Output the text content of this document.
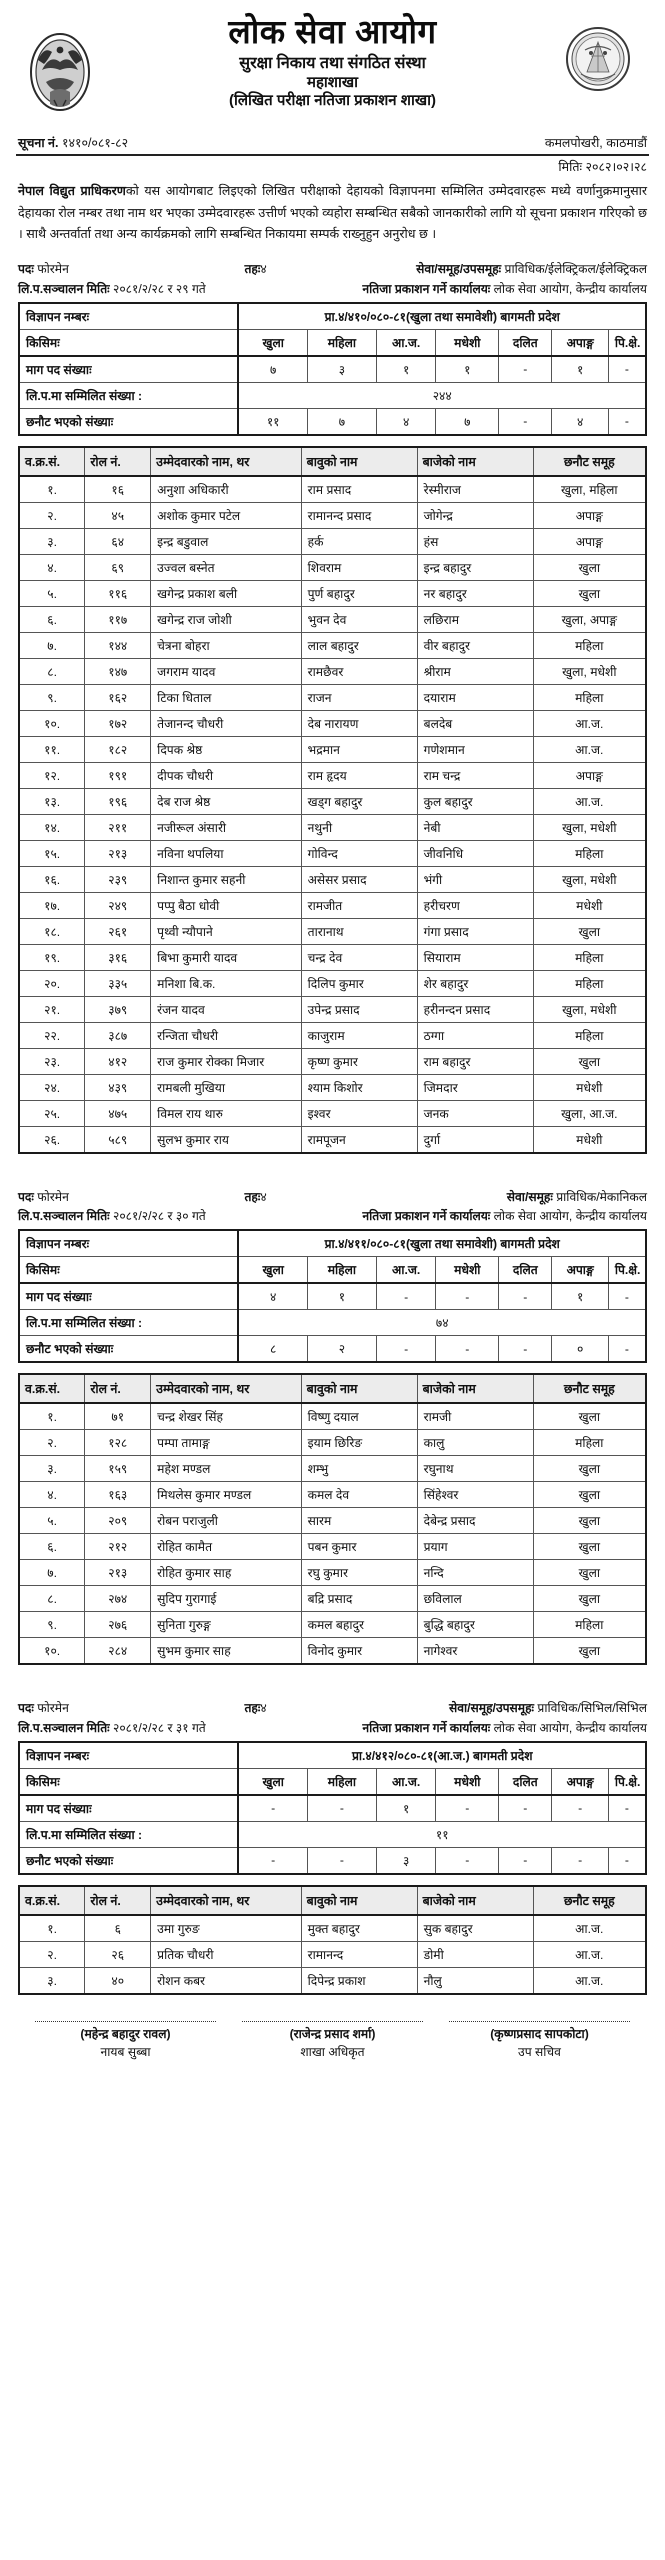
लोक सेवा आयोग
सुरक्षा निकाय तथा संगठित संस्था
महाशाखा
(लिखित परीक्षा नतिजा प्रकाशन शाखा)
सूचना नं. १४१०/०८१-८२	कमलपोखरी, काठमाडौं
मितिः २०८२।०२।२८
नेपाल विद्युत प्राधिकरणको यस आयोगबाट लिइएको लिखित परीक्षाको देहायको विज्ञापनमा सम्मिलित उम्मेदवारहरू मध्ये वर्णानुक्रमानुसार देहायका रोल नम्बर तथा नाम थर भएका उम्मेदवारहरू उत्तीर्ण भएको व्यहोरा सम्बन्धित सबैको जानकारीको लागि यो सूचना प्रकाशन गरिएको छ । साथै अन्तर्वार्ता तथा अन्य कार्यक्रमको लागि सम्बन्धित निकायमा सम्पर्क राख्नुहुन अनुरोध छ ।
पदः फोरमेन	तहः४	सेवा/समूह/उपसमूहः प्राविधिक/ईलेक्ट्रिकल/ईलेक्ट्रिकल
लि.प.सञ्चालन मितिः २०८१/२/२८ र २९ गते	नतिजा प्रकाशन गर्ने कार्यालयः लोक सेवा आयोग, केन्द्रीय कार्यालय
विज्ञापन नम्बरः	प्रा.४/४१०/०८०-८१(खुला तथा समावेशी) बागमती प्रदेश						
किसिमः	खुला	महिला	आ.ज.	मधेशी	दलित	अपाङ्ग	पि.क्षे.
माग पद संख्याः	७	३	१	१	-	१	-
लि.प.मा सम्मिलित संख्या :	२४४						
छनौट भएको संख्याः	११	७	४	७	-	४	-
व.क्र.सं.	रोल नं.	उम्मेदवारको नाम, थर	बावुको नाम	बाजेको नाम	छनौट समूह
१.	१६	अनुशा अधिकारी	राम प्रसाद	रेस्मीराज	खुला, महिला
२.	४५	अशोक कुमार पटेल	रामानन्द प्रसाद	जोगेन्द्र	अपाङ्ग
३.	६४	इन्द्र बडुवाल	हर्क	हंस	अपाङ्ग
४.	६९	उज्वल बस्नेत	शिवराम	इन्द्र बहादुर	खुला
५.	११६	खगेन्द्र प्रकाश बली	पुर्ण बहादुर	नर बहादुर	खुला
६.	११७	खगेन्द्र राज जोशी	भुवन देव	लछिराम	खुला, अपाङ्ग
७.	१४४	चेत्रना बोहरा	लाल बहादुर	वीर बहादुर	महिला
८.	१४७	जगराम यादव	रामछैवर	श्रीराम	खुला, मधेशी
९.	१६२	टिका धिताल	राजन	दयाराम	महिला
१०.	१७२	तेजानन्द चौधरी	देब नारायण	बलदेब	आ.ज.
११.	१८२	दिपक श्रेष्ठ	भद्रमान	गणेशमान	आ.ज.
१२.	१९१	दीपक चौधरी	राम हृदय	राम चन्द्र	अपाङ्ग
१३.	१९६	देब राज श्रेष्ठ	खड्ग बहादुर	कुल बहादुर	आ.ज.
१४.	२११	नजीरूल अंसारी	नथुनी	नेबी	खुला, मधेशी
१५.	२१३	नविना थपलिया	गोविन्द	जीवनिधि	महिला
१६.	२३९	निशान्त कुमार सहनी	असेसर प्रसाद	भंगी	खुला, मधेशी
१७.	२४९	पप्पु बैठा धोवी	रामजीत	हरीचरण	मधेशी
१८.	२६१	पृथ्वी न्यौपाने	तारानाथ	गंगा प्रसाद	खुला
१९.	३१६	बिभा कुमारी यादव	चन्द्र देव	सियाराम	महिला
२०.	३३५	मनिशा बि.क.	दिलिप कुमार	शेर बहादुर	महिला
२१.	३७९	रंजन यादव	उपेन्द्र प्रसाद	हरीनन्दन प्रसाद	खुला, मधेशी
२२.	३८७	रन्जिता चौधरी	काजुराम	ठग्गा	महिला
२३.	४१२	राज कुमार रोक्का मिजार	कृष्ण कुमार	राम बहादुर	खुला
२४.	४३९	रामबली मुखिया	श्याम किशोर	जिमदार	मधेशी
२५.	४७५	विमल राय थारु	इश्वर	जनक	खुला, आ.ज.
२६.	५८९	सुलभ कुमार राय	रामपूजन	दुर्गा	मधेशी
पदः फोरमेन	तहः४	सेवा/समूहः प्राविधिक/मेकानिकल
लि.प.सञ्चालन मितिः २०८१/२/२८ र ३० गते	नतिजा प्रकाशन गर्ने कार्यालयः लोक सेवा आयोग, केन्द्रीय कार्यालय
विज्ञापन नम्बरः	प्रा.४/४११/०८०-८१(खुला तथा समावेशी) बागमती प्रदेश						
किसिमः	खुला	महिला	आ.ज.	मधेशी	दलित	अपाङ्ग	पि.क्षे.
माग पद संख्याः	४	१	-	-	-	१	-
लि.प.मा सम्मिलित संख्या :	७४						
छनौट भएको संख्याः	८	२	-	-	-	०	-
व.क्र.सं.	रोल नं.	उम्मेदवारको नाम, थर	बावुको नाम	बाजेको नाम	छनौट समूह
१.	७१	चन्द्र शेखर सिंह	विष्णु दयाल	रामजी	खुला
२.	१२८	पम्पा तामाङ्ग	इयाम छिरिङ	कालु	महिला
३.	१५९	महेश मण्डल	शम्भु	रघुनाथ	खुला
४.	१६३	मिथलेस कुमार मण्डल	कमल देव	सिंहेश्वर	खुला
५.	२०९	रोबन पराजुली	सारम	देबेन्द्र प्रसाद	खुला
६.	२१२	रोहित कामैत	पबन कुमार	प्रयाग	खुला
७.	२१३	रोहित कुमार साह	रघु कुमार	नन्दि	खुला
८.	२७४	सुदिप गुरागाई	बद्रि प्रसाद	छविलाल	खुला
९.	२७६	सुनिता गुरुङ्ग	कमल बहादुर	बुद्धि बहादुर	महिला
१०.	२८४	सुभम कुमार साह	विनोद कुमार	नागेश्वर	खुला
पदः फोरमेन	तहः४	सेवा/समूह/उपसमूहः प्राविधिक/सिभिल/सिभिल
लि.प.सञ्चालन मितिः २०८१/२/२८ र ३१ गते	नतिजा प्रकाशन गर्ने कार्यालयः लोक सेवा आयोग, केन्द्रीय कार्यालय
विज्ञापन नम्बरः	प्रा.४/४१२/०८०-८१(आ.ज.) बागमती प्रदेश						
किसिमः	खुला	महिला	आ.ज.	मधेशी	दलित	अपाङ्ग	पि.क्षे.
माग पद संख्याः	-	-	१	-	-	-	-
लि.प.मा सम्मिलित संख्या :	११						
छनौट भएको संख्याः	-	-	३	-	-	-	-
व.क्र.सं.	रोल नं.	उम्मेदवारको नाम, थर	बावुको नाम	बाजेको नाम	छनौट समूह
१.	६	उमा गुरुङ	मुक्त बहादुर	सुक बहादुर	आ.ज.
२.	२६	प्रतिक चौधरी	रामानन्द	डोमी	आ.ज.
३.	४०	रोशन कबर	दिपेन्द्र प्रकाश	नौलु	आ.ज.
(महेन्द्र बहादुर रावल)
नायब सुब्बा
(राजेन्द्र प्रसाद शर्मा)
शाखा अधिकृत
(कृष्णप्रसाद सापकोटा)
उप सचिव
